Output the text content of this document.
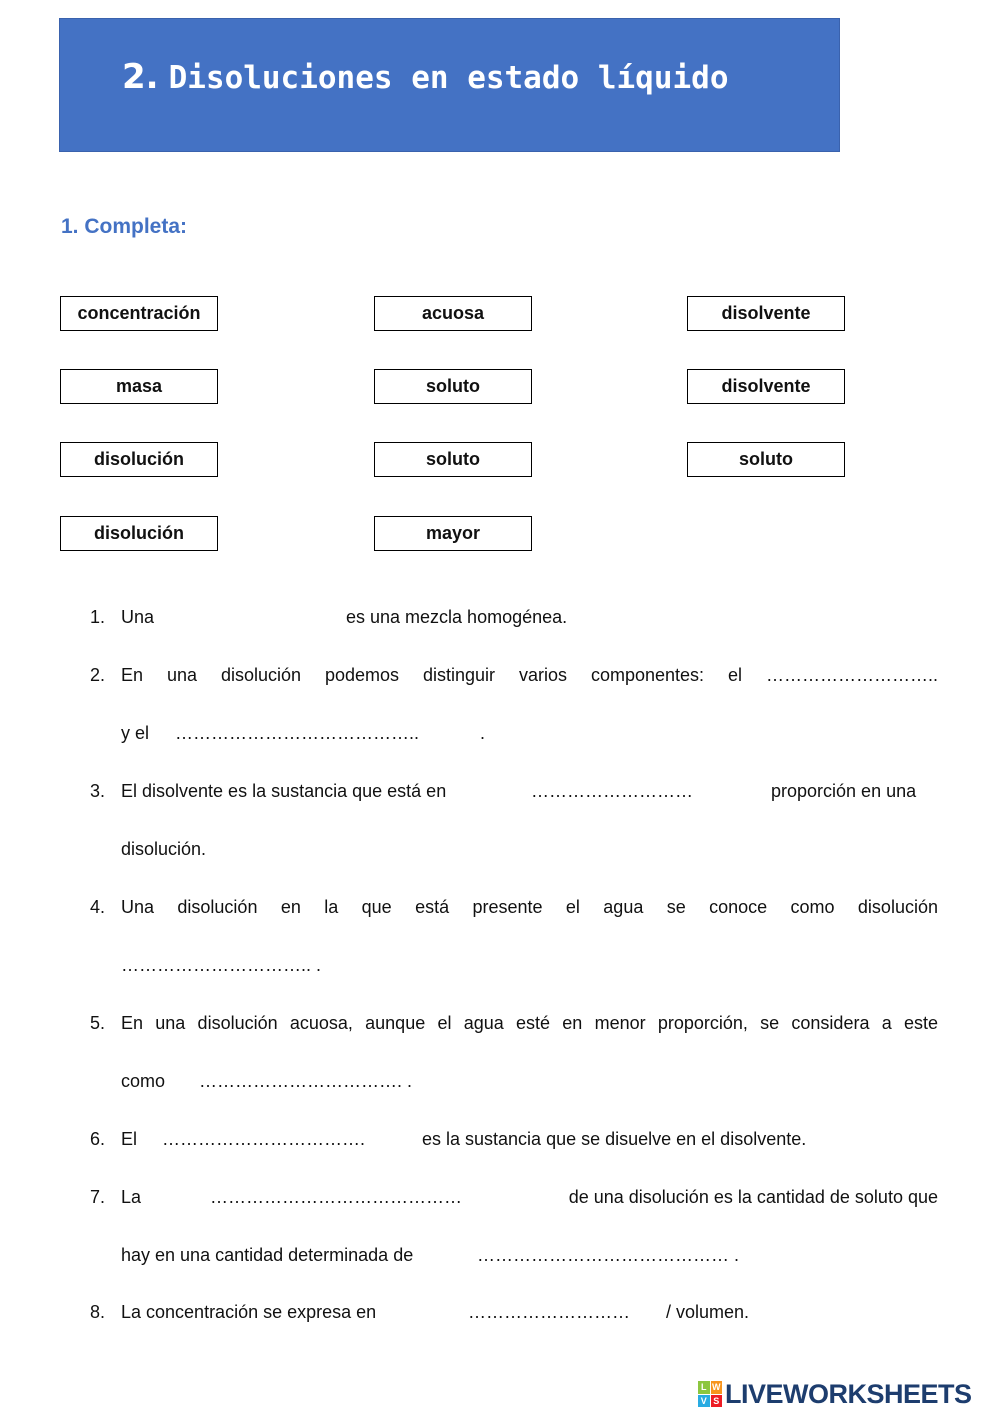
2. Disoluciones en estado líquido
1. Completa:
concentración	acuosa	disolvente
masa	soluto	disolvente
disolución	soluto	soluto
disolución	mayor
1. Una	es una mezcla homogénea.
2. En una disolución podemos distinguir varios componentes: el ………………………..
y el …………………………………..	.
3. El disolvente es la sustancia que está en	………………………	proporción en una
disolución.
4. Una disolución en la que está presente el agua se conoce como disolución
………………………….. .
5. En una disolución acuosa, aunque el agua esté en menor proporción, se considera a este
como ……………………………. .
6. El …………………………….	es la sustancia que se disuelve en el disolvente.
7. La	……………………………………	de una disolución es la cantidad de soluto que
hay en una cantidad determinada de	…………………………………… .
8. La concentración se expresa en	……………………… / volumen.
L W
V S LIVEWORKSHEETS
